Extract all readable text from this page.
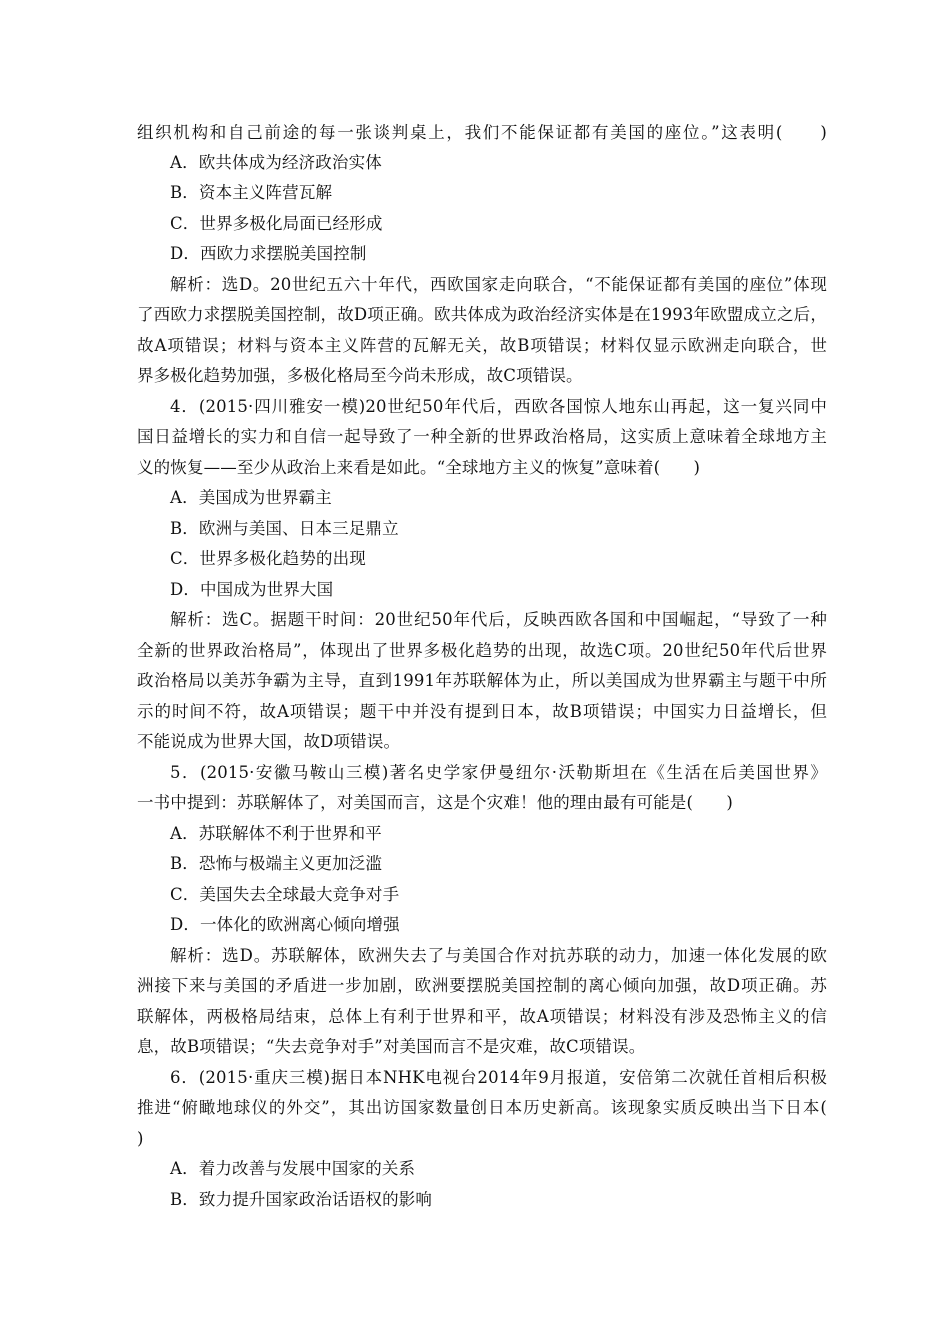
组织机构和自己前途的每一张谈判桌上，我们不能保证都有美国的座位。”这表明(　　)
A．欧共体成为经济政治实体
B．资本主义阵营瓦解
C．世界多极化局面已经形成
D．西欧力求摆脱美国控制
解析：选D。20世纪五六十年代，西欧国家走向联合，“不能保证都有美国的座位”体现
了西欧力求摆脱美国控制，故D项正确。欧共体成为政治经济实体是在1993年欧盟成立之后，
故A项错误；材料与资本主义阵营的瓦解无关，故B项错误；材料仅显示欧洲走向联合，世
界多极化趋势加强，多极化格局至今尚未形成，故C项错误。
4．(2015·四川雅安一模)20世纪50年代后，西欧各国惊人地东山再起，这一复兴同中
国日益增长的实力和自信一起导致了一种全新的世界政治格局，这实质上意味着全球地方主
义的恢复——至少从政治上来看是如此。“全球地方主义的恢复”意味着(　　)
A．美国成为世界霸主
B．欧洲与美国、日本三足鼎立
C．世界多极化趋势的出现
D．中国成为世界大国
解析：选C。据题干时间：20世纪50年代后，反映西欧各国和中国崛起，“导致了一种
全新的世界政治格局”，体现出了世界多极化趋势的出现，故选C项。20世纪50年代后世界
政治格局以美苏争霸为主导，直到1991年苏联解体为止，所以美国成为世界霸主与题干中所
示的时间不符，故A项错误；题干中并没有提到日本，故B项错误；中国实力日益增长，但
不能说成为世界大国，故D项错误。
5．(2015·安徽马鞍山三模)著名史学家伊曼纽尔·沃勒斯坦在《生活在后美国世界》
一书中提到：苏联解体了，对美国而言，这是个灾难！他的理由最有可能是(　　)
A．苏联解体不利于世界和平
B．恐怖与极端主义更加泛滥
C．美国失去全球最大竞争对手
D．一体化的欧洲离心倾向增强
解析：选D。苏联解体，欧洲失去了与美国合作对抗苏联的动力，加速一体化发展的欧
洲接下来与美国的矛盾进一步加剧，欧洲要摆脱美国控制的离心倾向加强，故D项正确。苏
联解体，两极格局结束，总体上有利于世界和平，故A项错误；材料没有涉及恐怖主义的信
息，故B项错误；“失去竞争对手”对美国而言不是灾难，故C项错误。
6．(2015·重庆三模)据日本NHK电视台2014年9月报道，安倍第二次就任首相后积极
推进“俯瞰地球仪的外交”，其出访国家数量创日本历史新高。该现象实质反映出当下日本(
)
A．着力改善与发展中国家的关系
B．致力提升国家政治话语权的影响
